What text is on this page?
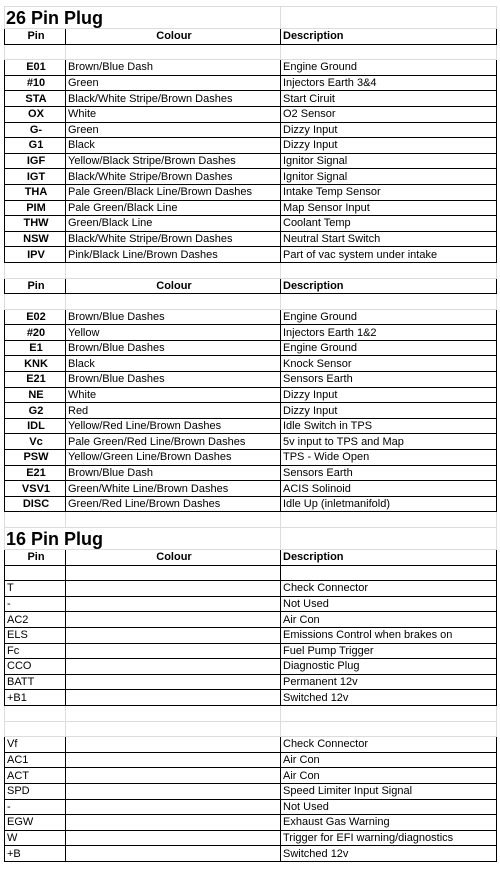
26 Pin Plug		
Pin	Colour	Description

E01	Brown/Blue Dash	Engine Ground
#10	Green	Injectors Earth 3&4
STA	Black/White Stripe/Brown Dashes	Start Ciruit
OX	White	O2 Sensor
G-	Green	Dizzy Input
G1	Black	Dizzy Input
IGF	Yellow/Black Stripe/Brown Dashes	Ignitor Signal
IGT	Black/White Stripe/Brown Dashes	Ignitor Signal
THA	Pale Green/Black Line/Brown Dashes	Intake Temp Sensor
PIM	Pale Green/Black Line	Map Sensor Input
THW	Green/Black Line	Coolant Temp
NSW	Black/White Stripe/Brown Dashes	Neutral Start Switch
IPV	Pink/Black Line/Brown Dashes	Part of vac system under intake

Pin	Colour	Description

E02	Brown/Blue Dashes	Engine Ground
#20	Yellow	Injectors Earth 1&2
E1	Brown/Blue Dashes	Engine Ground
KNK	Black	Knock Sensor
E21	Brown/Blue Dashes	Sensors Earth
NE	White	Dizzy Input
G2	Red	Dizzy Input
IDL	Yellow/Red Line/Brown Dashes	Idle Switch in TPS
Vc	Pale Green/Red Line/Brown Dashes	5v input to TPS and Map
PSW	Yellow/Green Line/Brown Dashes	TPS - Wide Open
E21	Brown/Blue Dash	Sensors Earth
VSV1	Green/White Line/Brown Dashes	ACIS Solinoid
DISC	Green/Red Line/Brown Dashes	Idle Up (inletmanifold)

16 Pin Plug		
Pin	Colour	Description

T		Check Connector
-		Not Used
AC2		Air Con
ELS		Emissions Control when brakes on
Fc		Fuel Pump Trigger
CCO		Diagnostic Plug
BATT		Permanent 12v
+B1		Switched 12v

Vf		Check Connector
AC1		Air Con
ACT		Air Con
SPD		Speed Limiter Input Signal
-		Not Used
EGW		Exhaust Gas Warning
W		Trigger for EFI warning/diagnostics
+B		Switched 12v
